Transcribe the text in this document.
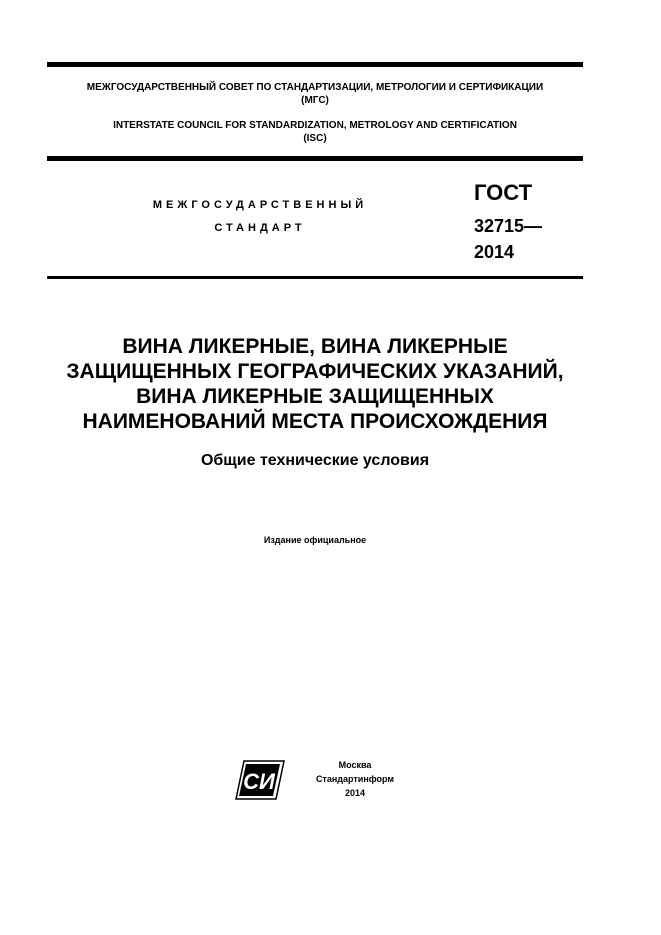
МЕЖГОСУДАРСТВЕННЫЙ СОВЕТ ПО СТАНДАРТИЗАЦИИ, МЕТРОЛОГИИ И СЕРТИФИКАЦИИ
(МГС)
INTERSTATE COUNCIL FOR STANDARDIZATION, METROLOGY AND CERTIFICATION
(ISC)
МЕЖГОСУДАРСТВЕННЫЙ
СТАНДАРТ
ГОСТ
32715—
2014
ВИНА ЛИКЕРНЫЕ, ВИНА ЛИКЕРНЫЕ
ЗАЩИЩЕННЫХ ГЕОГРАФИЧЕСКИХ УКАЗАНИЙ,
ВИНА ЛИКЕРНЫЕ ЗАЩИЩЕННЫХ
НАИМЕНОВАНИЙ МЕСТА ПРОИСХОЖДЕНИЯ
Общие технические условия
Издание официальное
СИ
Москва
Стандартинформ
2014
